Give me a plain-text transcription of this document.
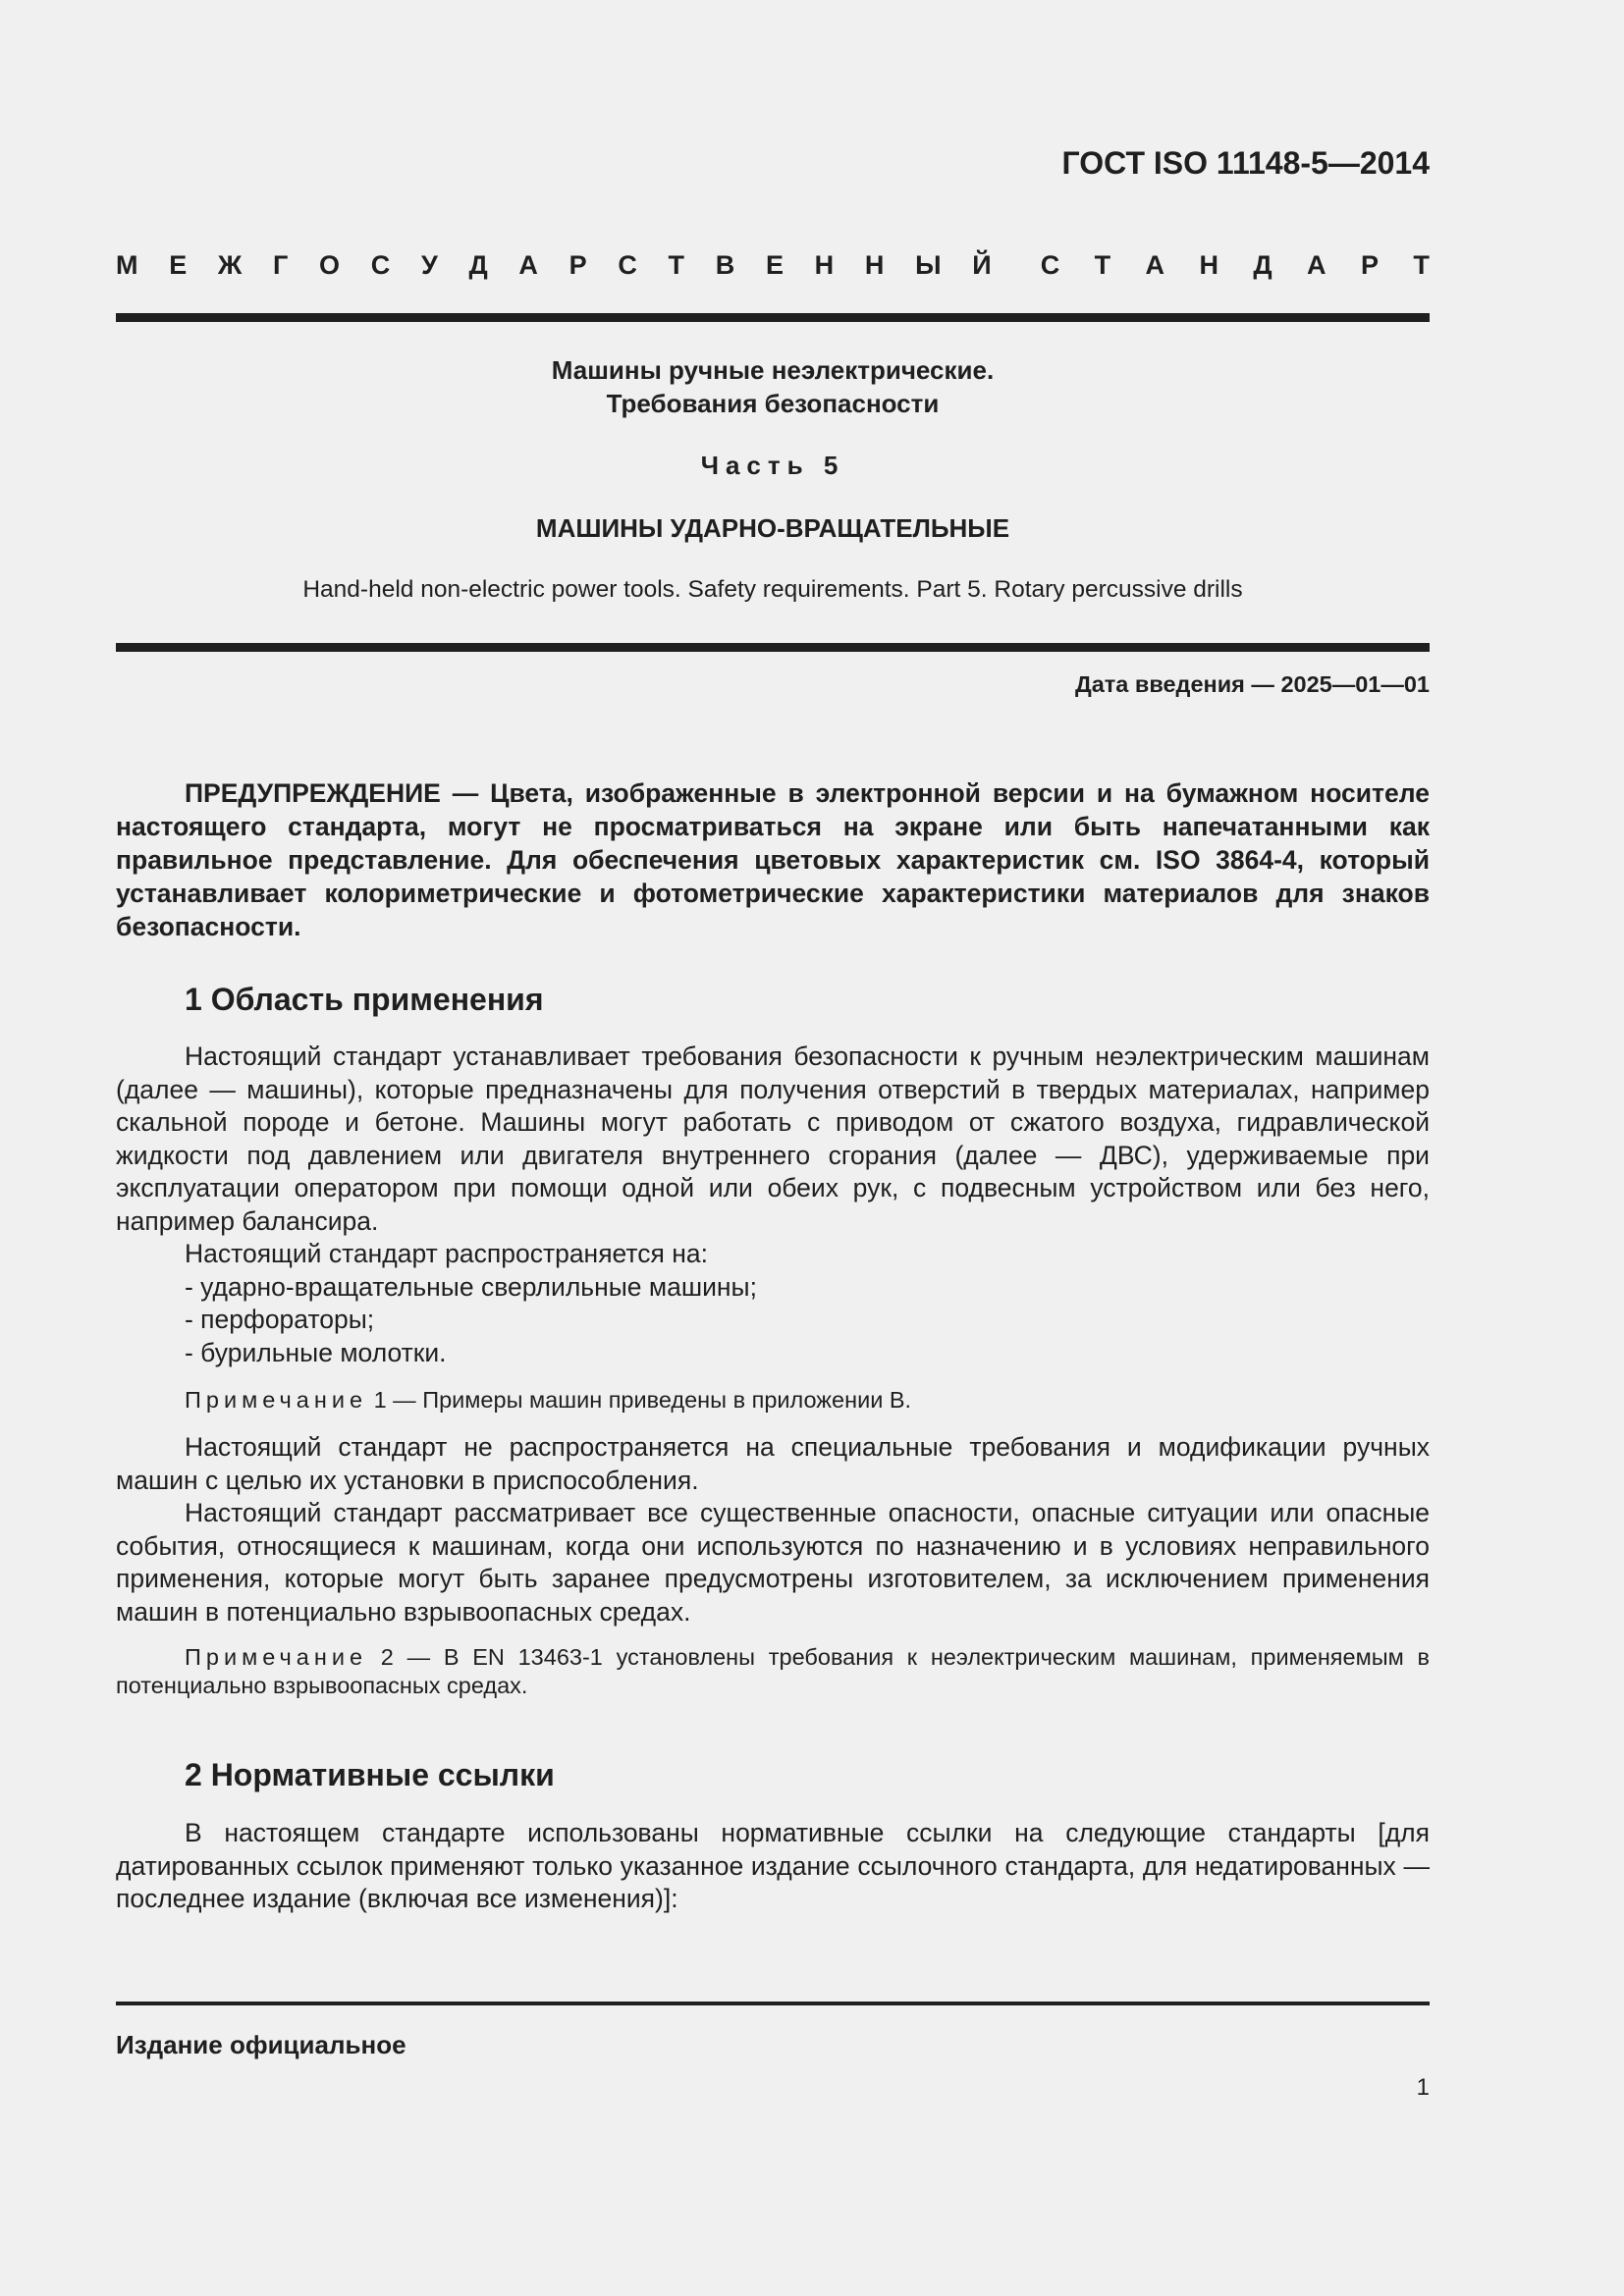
ГОСТ ISO 11148-5—2014
М Е Ж Г О С У Д А Р С Т В Е Н Н Ы Й С Т А Н Д А Р Т
Машины ручные неэлектрические.
Требования безопасности
Часть 5
МАШИНЫ УДАРНО-ВРАЩАТЕЛЬНЫЕ
Hand-held non-electric power tools. Safety requirements. Part 5. Rotary percussive drills
Дата введения — 2025—01—01
ПРЕДУПРЕЖДЕНИЕ — Цвета, изображенные в электронной версии и на бумажном носителе настоящего стандарта, могут не просматриваться на экране или быть напечатанными как правильное представление. Для обеспечения цветовых характеристик см. ISO 3864-4, который устанавливает колориметрические и фотометрические характеристики материалов для знаков безопасности.
1 Область применения

Настоящий стандарт устанавливает требования безопасности к ручным неэлектрическим машинам (далее — машины), которые предназначены для получения отверстий в твердых материалах, например скальной породе и бетоне. Машины могут работать с приводом от сжатого воздуха, гидравлической жидкости под давлением или двигателя внутреннего сгорания (далее — ДВС), удерживаемые при эксплуатации оператором при помощи одной или обеих рук, с подвесным устройством или без него, например балансира.

Настоящий стандарт распространяется на:

- ударно-вращательные сверлильные машины;
- перфораторы;
- бурильные молотки.
Примечание 1 — Примеры машин приведены в приложении В.

Настоящий стандарт не распространяется на специальные требования и модификации ручных машин с целью их установки в приспособления.

Настоящий стандарт рассматривает все существенные опасности, опасные ситуации или опасные события, относящиеся к машинам, когда они используются по назначению и в условиях неправильного применения, которые могут быть заранее предусмотрены изготовителем, за исключением применения машин в потенциально взрывоопасных средах.

Примечание 2 — В EN 13463-1 установлены требования к неэлектрическим машинам, применяемым в потенциально взрывоопасных средах.
2 Нормативные ссылки

В настоящем стандарте использованы нормативные ссылки на следующие стандарты [для датированных ссылок применяют только указанное издание ссылочного стандарта, для недатированных — последнее издание (включая все изменения)]:

Издание официальное
1
